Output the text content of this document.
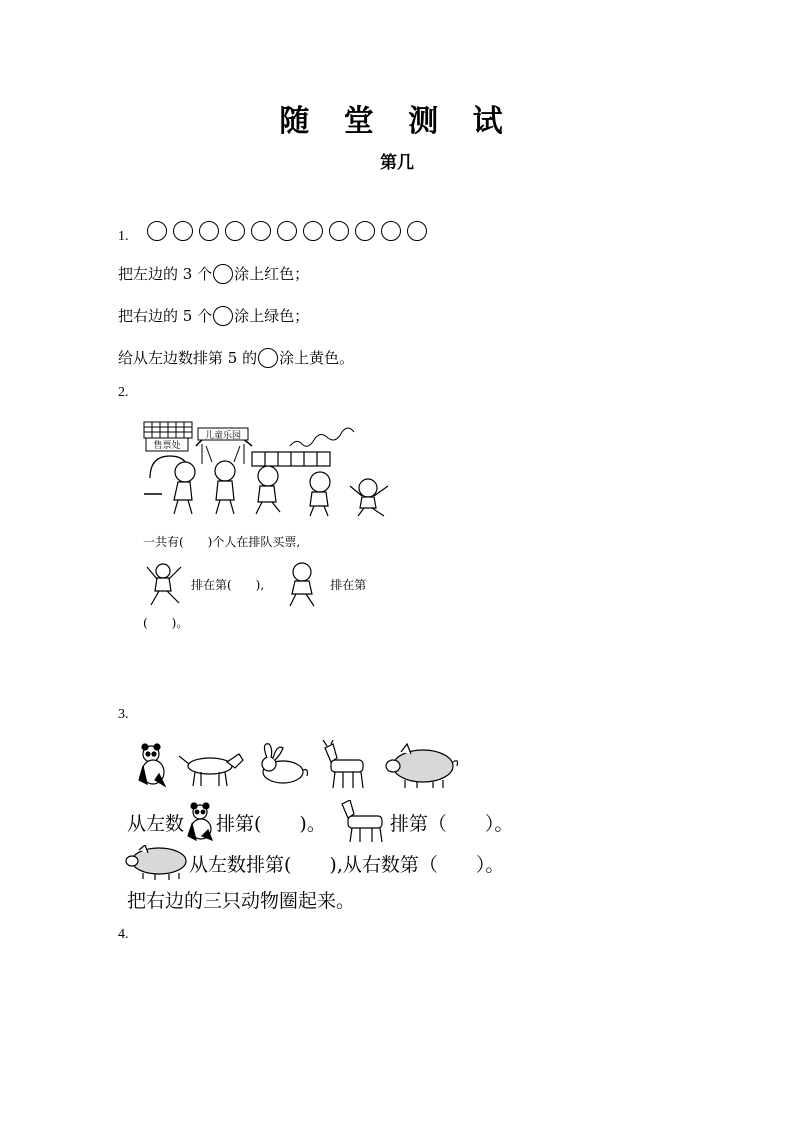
随 堂 测 试
第几
1.
把左边的 3 个 涂上红色；
把右边的 5 个 涂上绿色；
给从左边数排第 5 的 涂上黄色。
2.
售票处
儿童乐园
一共有(　　)个人在排队买票,
排在第(　　),	排在第
(　　)。
3.
从左数 排第(　　)。	排第（　　）。
从左数排第(　　),从右数第（　　）。
把右边的三只动物圈起来。
4.
